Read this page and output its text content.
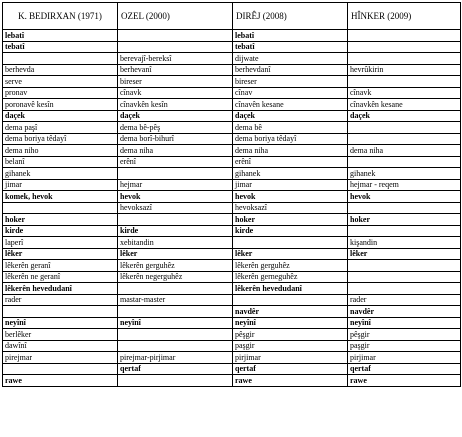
K. BEDIRXAN (1971)	OZEL (2000)	DIRÊJ (2008)	HÎNKER (2009)
lebatî		lebatî	
tebatî		tebatî	
	berevajî-bereksî	dijwate	
berhevda	berhevanî	berhevdanî	hevrûkirin
serve	bireser	bireser	
pronav	cînavk	cînav	cînavk
poronavê kesîn	cînavkên kesîn	cînavên kesane	cînavkên kesane
daçek	daçek	daçek	daçek
dema paşî	dema bê-pêş	dema bê	
dema boriya têdayî	dema borî-bihurî	dema boriya têdayî	
dema niho	dema niha	dema niha	dema niha
belanî	erênî	erênî	
gihanek		gihanek	gihanek
jimar	hejmar	jimar	hejmar - reqem
komek, hevok	hevok	hevok	hevok
	hevoksazî	hevoksazî	
hoker		hoker	hoker
kirde	kirde	kirde	
laperî	xebitandin		kişandin
lêker	lêker	lêker	lêker
lêkerên geranî	lêkerên gerguhêz	lêkerên gerguhêz	
lêkerên ne geranî	lêkerên negerguhêz	lêkerên gerneguhêz	
lêkerên hevedudanî		lêkerên hevedudanî	
rader	mastar-master		rader
		navdêr	navdêr
neyînî	neyînî	neyînî	neyînî
berlêker		pêşgir	pêşgir
dawînî		paşgir	paşgir
pirejmar	pirejmar-pirjimar	pirjimar	pirjimar
	qertaf	qertaf	qertaf
rawe		rawe	rawe
